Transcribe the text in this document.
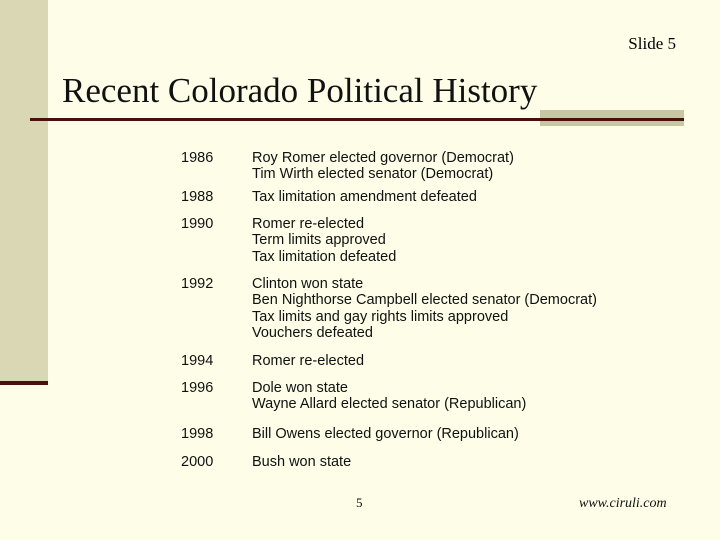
Slide 5
Recent Colorado Political History
1986	Roy Romer elected governor (Democrat)
Tim Wirth elected senator (Democrat)
1988	Tax limitation amendment defeated
1990	Romer re-elected
Term limits approved
Tax limitation defeated
1992	Clinton won state
Ben Nighthorse Campbell elected senator (Democrat)
Tax limits and gay rights limits approved
Vouchers defeated
1994	Romer re-elected
1996	Dole won state
Wayne Allard elected senator (Republican)
1998	Bill Owens elected governor (Republican)
2000	Bush won state
5	www.ciruli.com
